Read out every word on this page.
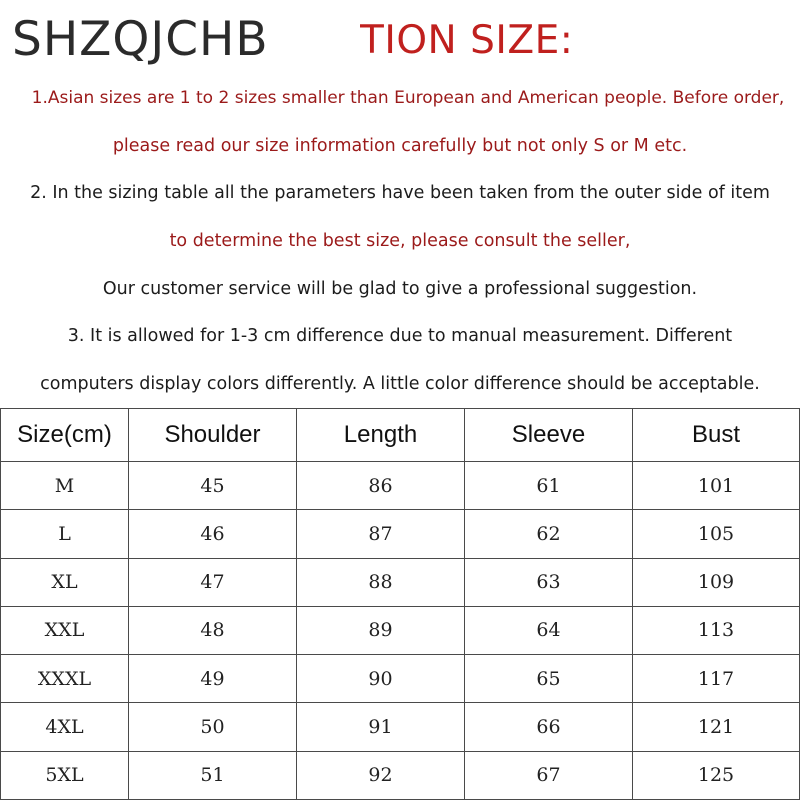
TION SIZE:
SHZQJCHB
1.Asian sizes are 1 to 2 sizes smaller than European and American people. Before order,
please read our size information carefully but not only S or M etc.
2. In the sizing table all the parameters have been taken from the outer side of item
to determine the best size, please consult the seller,
Our customer service will be glad to give a professional suggestion.
3. It is allowed for 1-3 cm difference due to manual measurement. Different
computers display colors differently. A little color difference should be acceptable.
Size(cm)	Shoulder	Length	Sleeve	Bust
M	45	86	61	101
L	46	87	62	105
XL	47	88	63	109
XXL	48	89	64	113
XXXL	49	90	65	117
4XL	50	91	66	121
5XL	51	92	67	125
